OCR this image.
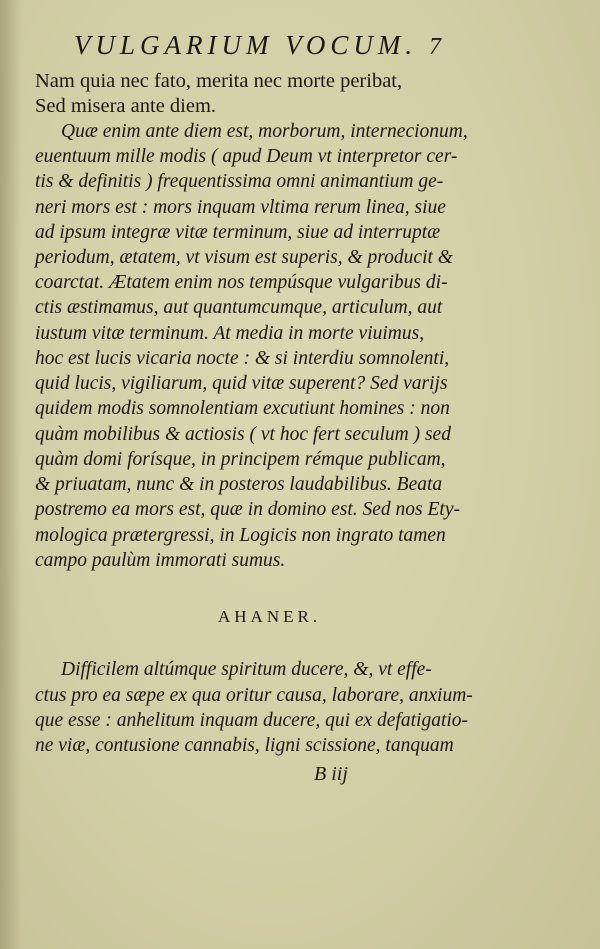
VULGARIUM VOCUM. 7
Nam quia nec fato, merita nec morte peribat,
Sed misera ante diem.
Quæ enim ante diem est, morborum, internecionum,
euentuum mille modis ( apud Deum vt interpretor cer-
tis & definitis ) frequentissima omni animantium ge-
neri mors est : mors inquam vltima rerum linea, siue
ad ipsum integræ vitæ terminum, siue ad interruptæ
periodum, ætatem, vt visum est superis, & producit &
coarctat. Ætatem enim nos tempúsque vulgaribus di-
ctis æstimamus, aut quantumcumque, articulum, aut
iustum vitæ terminum. At media in morte viuimus,
hoc est lucis vicaria nocte : & si interdiu somnolenti,
quid lucis, vigiliarum, quid vitæ superent? Sed varijs
quidem modis somnolentiam excutiunt homines : non
quàm mobilibus & actiosis ( vt hoc fert seculum ) sed
quàm domi forísque, in principem rémque publicam,
& priuatam, nunc & in posteros laudabilibus. Beata
postremo ea mors est, quæ in domino est. Sed nos Ety-
mologica prætergressi, in Logicis non ingrato tamen
campo paulùm immorati sumus.
AHANER.
Difficilem altúmque spiritum ducere, &, vt effe-
ctus pro ea sæpe ex qua oritur causa, laborare, anxium-
que esse : anhelitum inquam ducere, qui ex defatigatio-
ne viæ, contusione cannabis, ligni scissione, tanquam
B iij
